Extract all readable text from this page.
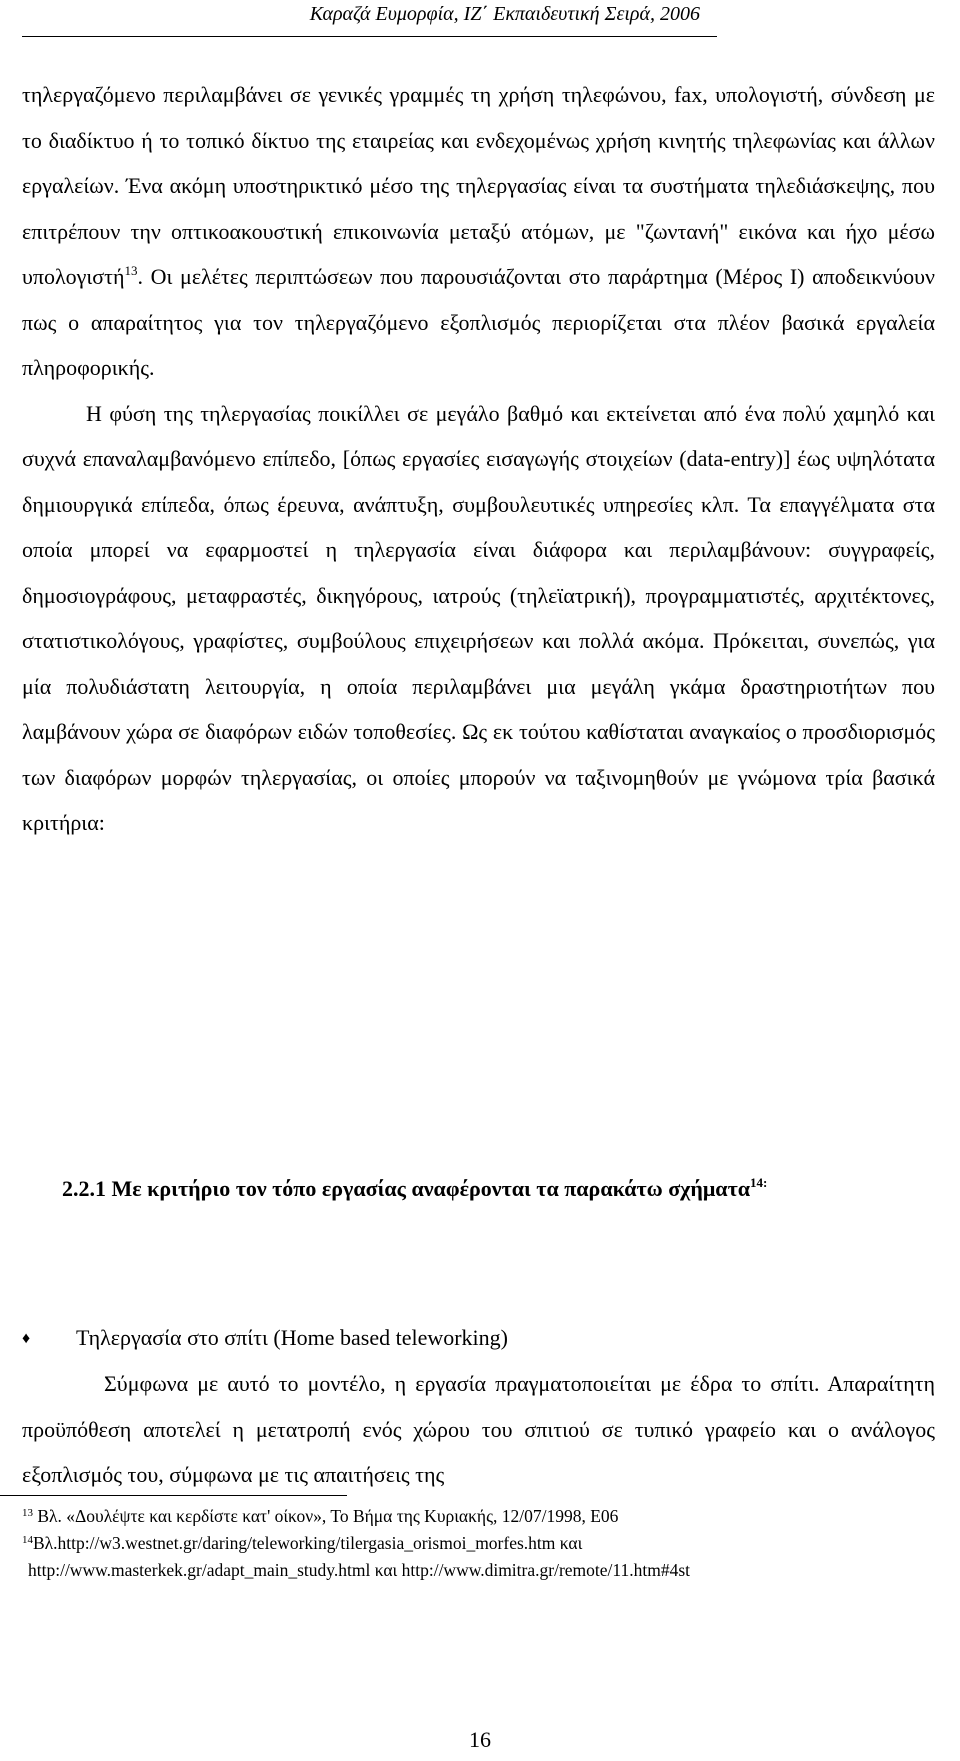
Καραζά Ευμορφία, ΙΖ΄ Εκπαιδευτική Σειρά, 2006

τηλεργαζόμενο περιλαμβάνει σε γενικές γραμμές τη χρήση τηλεφώνου, fax, υπολογιστή, σύνδεση με το διαδίκτυο ή το τοπικό δίκτυο της εταιρείας και ενδεχομένως χρήση κινητής τηλεφωνίας και άλλων εργαλείων. Ένα ακόμη υποστηρικτικό μέσο της τηλεργασίας είναι τα συστήματα τηλεδιάσκεψης, που επιτρέπουν την οπτικοακουστική επικοινωνία μεταξύ ατόμων, με "ζωντανή" εικόνα και ήχο μέσω υπολογιστή$^{13}$. Οι μελέτες περιπτώσεων που παρουσιάζονται στο παράρτημα (Μέρος Ι) αποδεικνύουν πως ο απαραίτητος για τον τηλεργαζόμενο εξοπλισμός περιορίζεται στα πλέον βασικά εργαλεία πληροφορικής.

Η φύση της τηλεργασίας ποικίλλει σε μεγάλο βαθμό και εκτείνεται από ένα πολύ χαμηλό και συχνά επαναλαμβανόμενο επίπεδο, [όπως εργασίες εισαγωγής στοιχείων (data-entry)] έως υψηλότατα δημιουργικά επίπεδα, όπως έρευνα, ανάπτυξη, συμβουλευτικές υπηρεσίες κλπ. Τα επαγγέλματα στα οποία μπορεί να εφαρμοστεί η τηλεργασία είναι διάφορα και περιλαμβάνουν: συγγραφείς, δημοσιογράφους, μεταφραστές, δικηγόρους, ιατρούς (τηλεϊατρική), προγραμματιστές, αρχιτέκτονες, στατιστικολόγους, γραφίστες, συμβούλους επιχειρήσεων και πολλά ακόμα. Πρόκειται, συνεπώς, για μία πολυδιάστατη λειτουργία, η οποία περιλαμβάνει μια μεγάλη γκάμα δραστηριοτήτων που λαμβάνουν χώρα σε διαφόρων ειδών τοποθεσίες. Ως εκ τούτου καθίσταται αναγκαίος ο προσδιορισμός των διαφόρων μορφών τηλεργασίας, οι οποίες μπορούν να ταξινομηθούν με γνώμονα τρία βασικά κριτήρια:

2.2.1 Με κριτήριο τον τόπο εργασίας αναφέρονται τα παρακάτω σχήματα$^{14:}$
♦ Τηλεργασία στο σπίτι (Home based teleworking)

Σύμφωνα με αυτό το μοντέλο, η εργασία πραγματοποιείται με έδρα το σπίτι. Απαραίτητη προϋπόθεση αποτελεί η μετατροπή ενός χώρου του σπιτιού σε τυπικό γραφείο και ο ανάλογος εξοπλισμός του, σύμφωνα με τις απαιτήσεις της

$^{13}$ Βλ. «Δουλέψτε και κερδίστε κατ' οίκον», Το Βήμα της Κυριακής, 12/07/1998, Ε06
$^{14}$Βλ.http://w3.westnet.gr/daring/teleworking/tilergasia_orismoi_morfes.htm και
http://www.masterkek.gr/adapt_main_study.html και http://www.dimitra.gr/remote/11.htm#4st
16
